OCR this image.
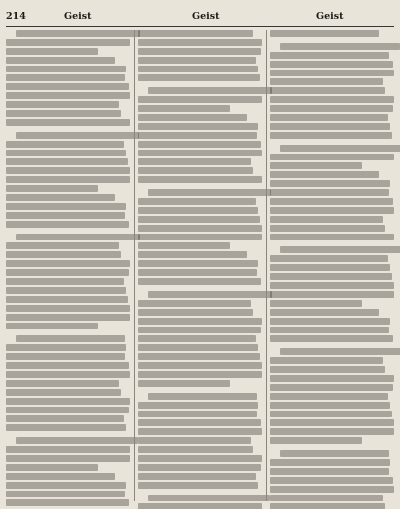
214	Geist	Geist	Geist
